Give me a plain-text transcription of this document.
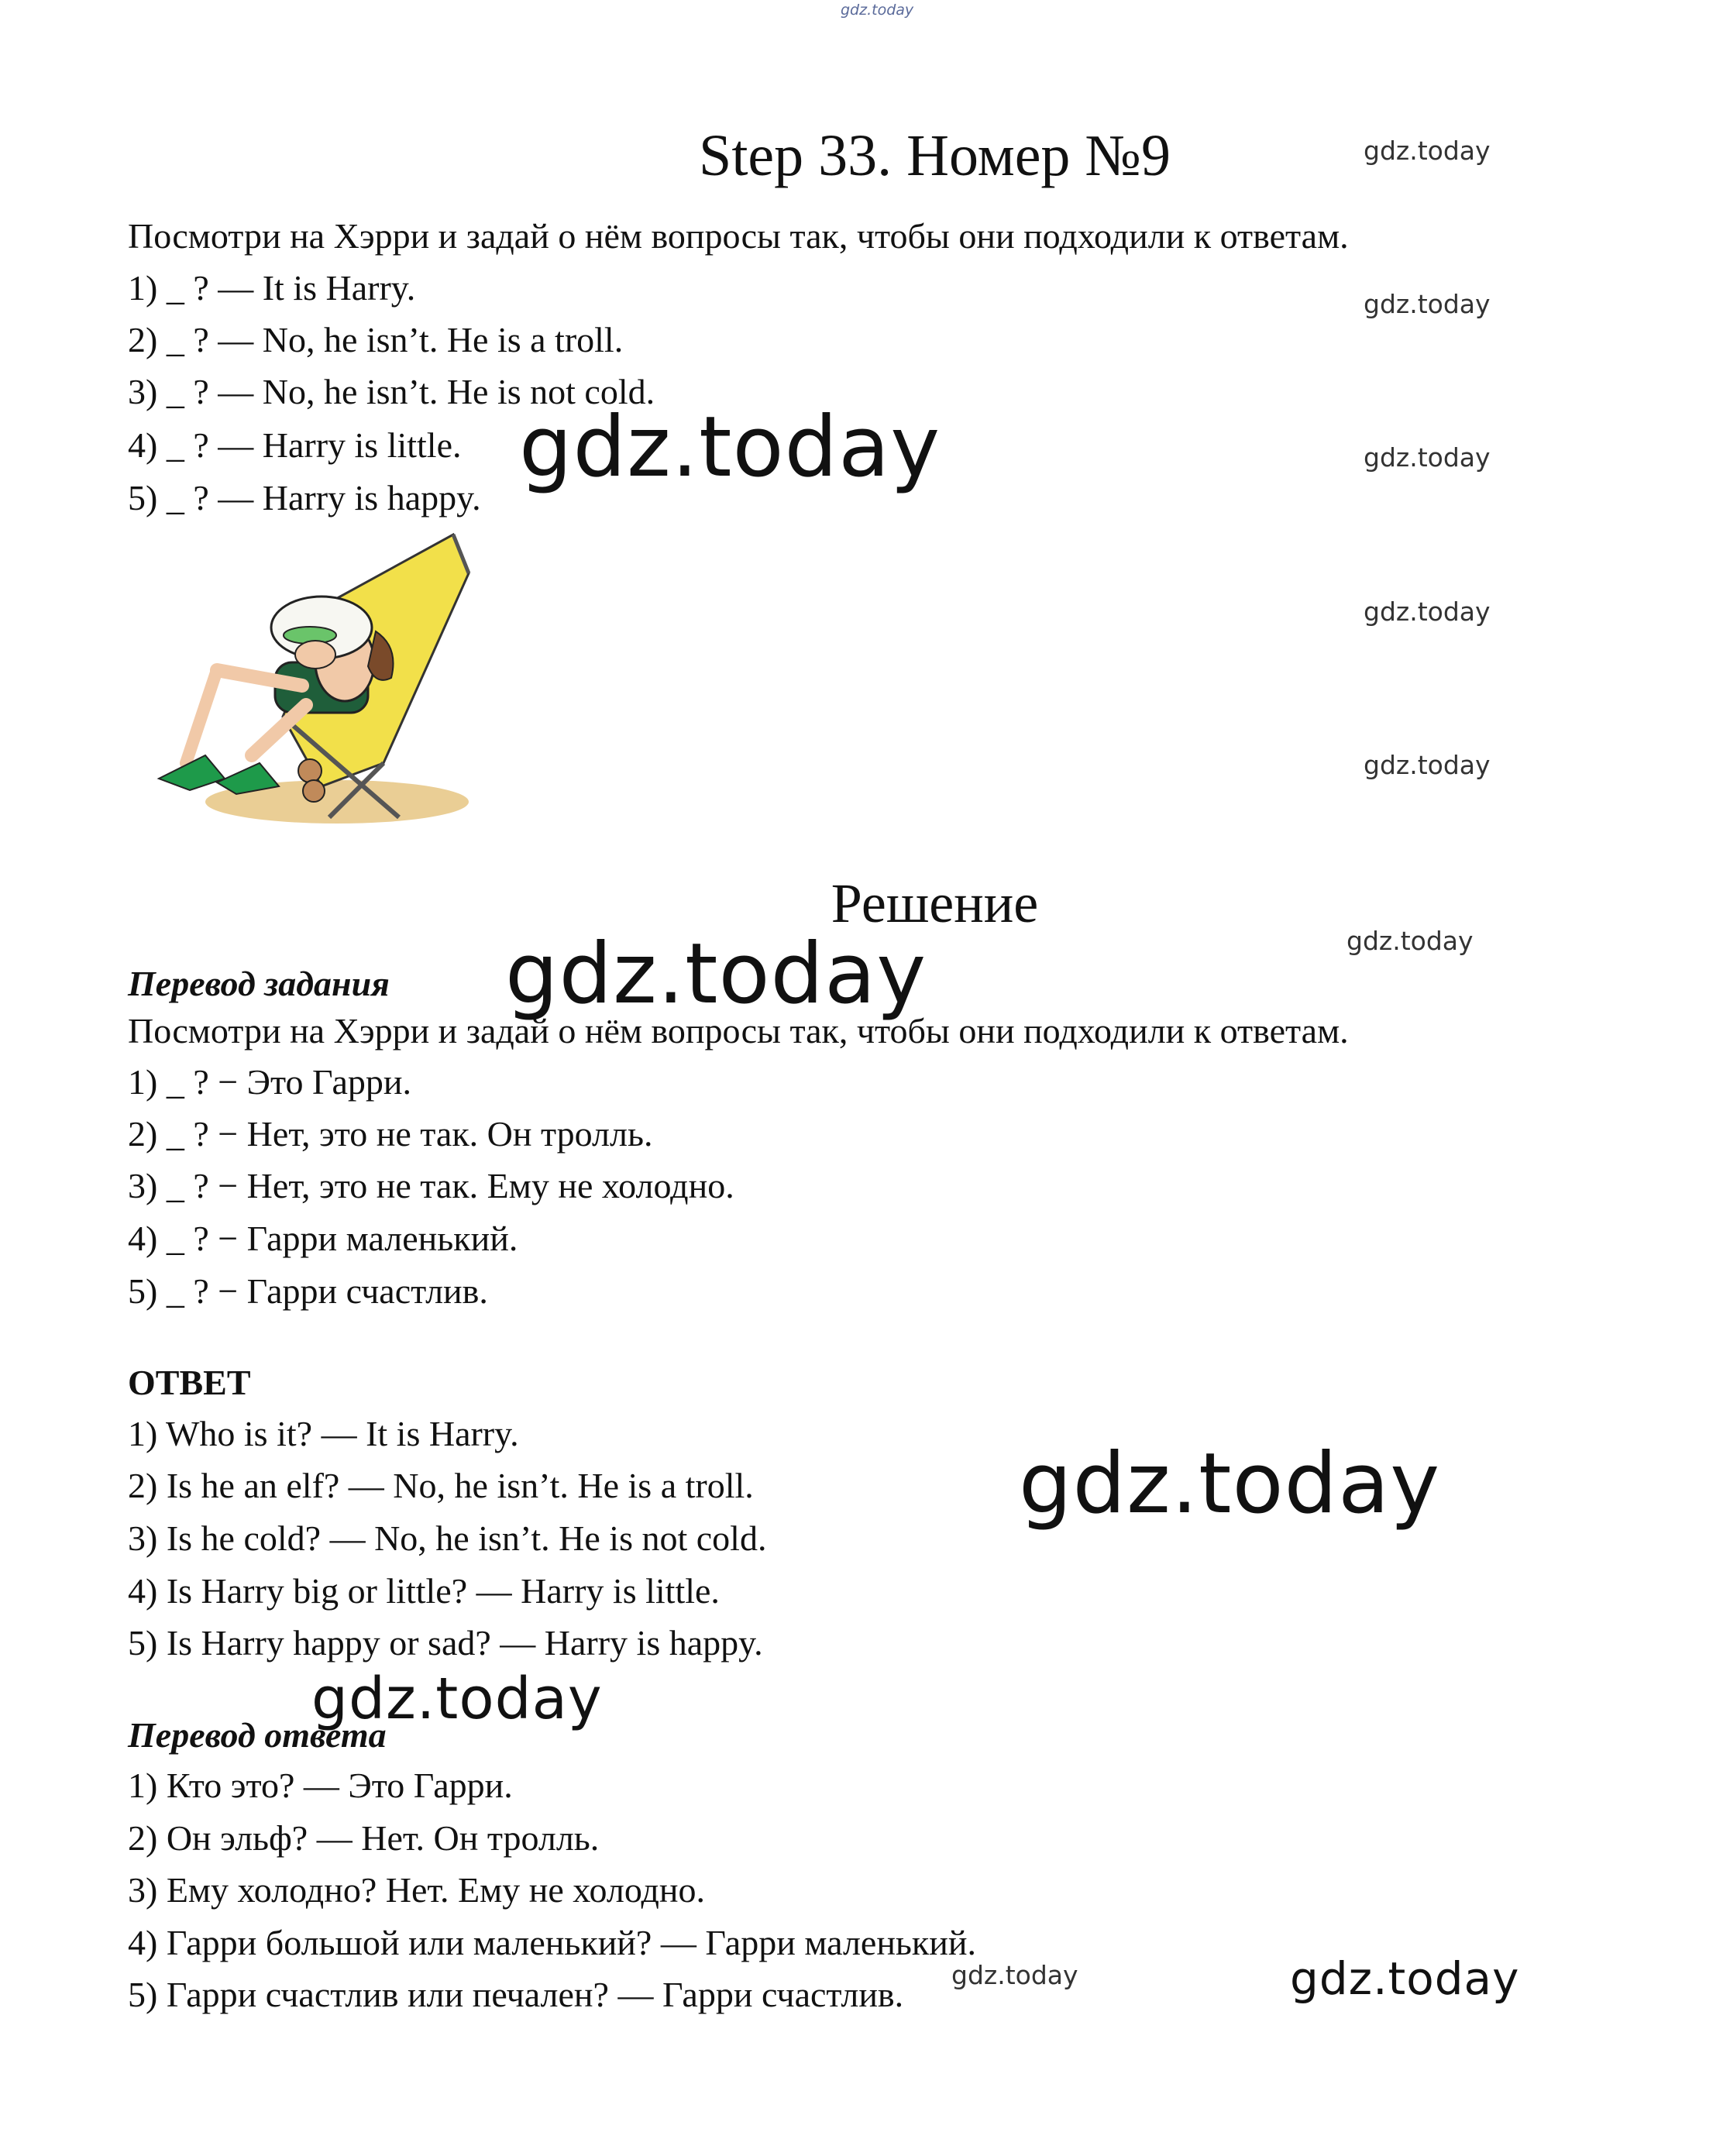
gdz.today
Step 33. Номер №9
Посмотри на Хэрри и задай о нём вопросы так, чтобы они подходили к ответам.
1) _ ? — It is Harry.
2) _ ? — No, he isn’t. He is a troll.
3) _ ? — No, he isn’t. He is not cold.
4) _ ? — Harry is little.
5) _ ? — Harry is happy.
Решение
Перевод задания
Посмотри на Хэрри и задай о нём вопросы так, чтобы они подходили к ответам.
1) _ ? − Это Гарри.
2) _ ? − Нет, это не так. Он тролль.
3) _ ? − Нет, это не так. Ему не холодно.
4) _ ? − Гарри маленький.
5) _ ? − Гарри счастлив.
ОТВЕТ
1) Who is it? — It is Harry.
2) Is he an elf? — No, he isn’t. He is a troll.
3) Is he cold? — No, he isn’t. He is not cold.
4) Is Harry big or little? — Harry is little.
5) Is Harry happy or sad? — Harry is happy.
Перевод ответа
1) Кто это? — Это Гарри.
2) Он эльф? — Нет. Он тролль.
3) Ему холодно? Нет. Ему не холодно.
4) Гарри большой или маленький? — Гарри маленький.
5) Гарри счастлив или печален? — Гарри счастлив.
gdz.today
gdz.today
gdz.today
gdz.today
gdz.today
gdz.today
gdz.today
gdz.today
gdz.today
gdz.today
gdz.today
gdz.today
